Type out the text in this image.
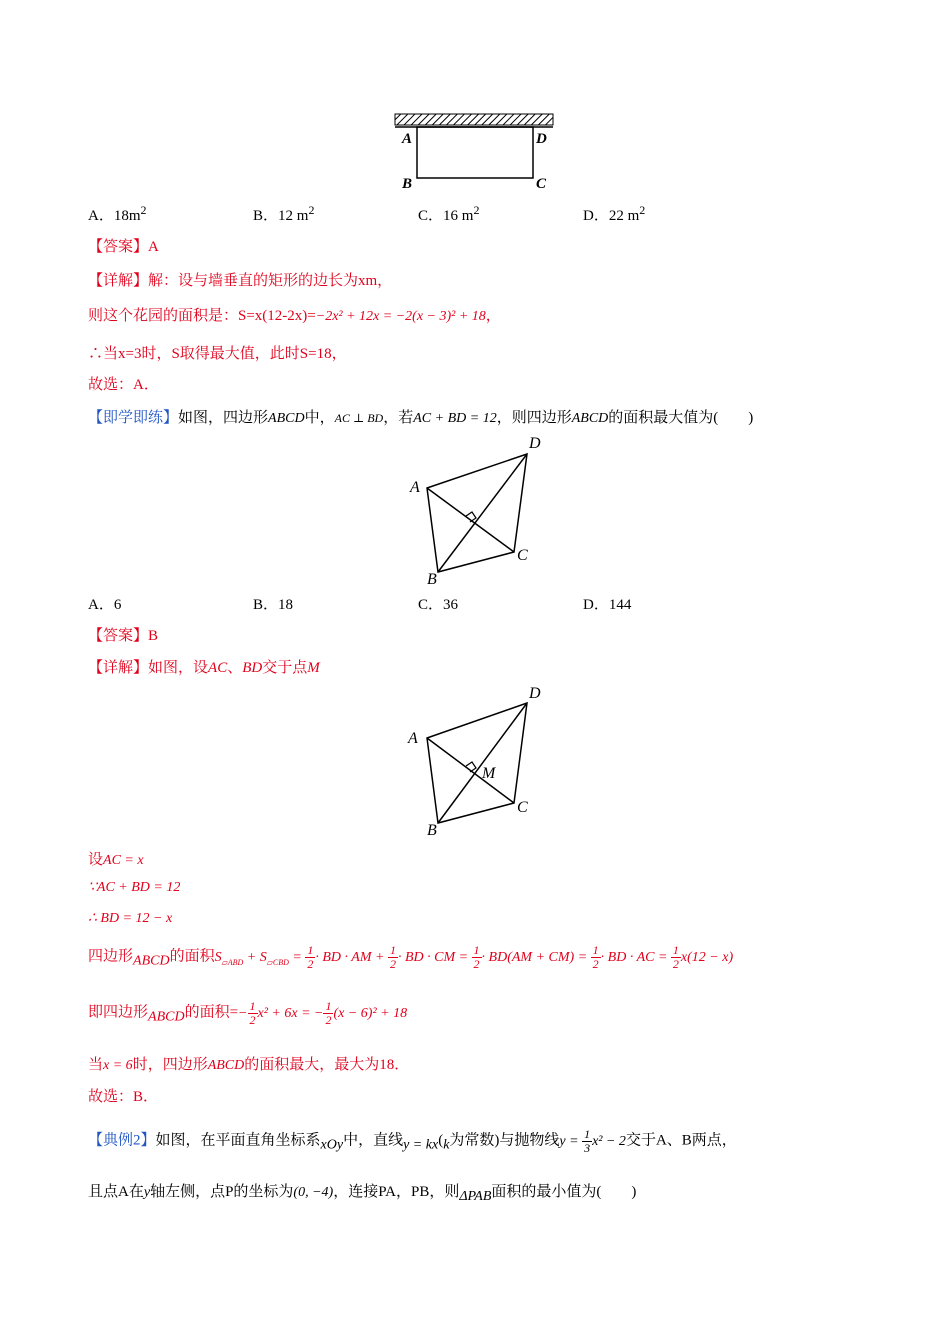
A	D
B	C
A．$18m^2$	B．12 $m^2$	C．16 $m^2$	D．22 $m^2$
【答案】A
【详解】解：设与墙垂直的矩形的边长为xm，
则这个花园的面积是：S=x(12-2x)=−2x² + 12x = −2(x − 3)² + 18，
∴当x=3时，S取得最大值，此时S=18，
故选：A．
【即学即练】如图，四边形ABCD中，AC ⊥ BD，若AC + BD = 12，则四边形ABCD的面积最大值为(　　)
D
A
C
B
A．6	B．18	C．36	D．144
【答案】B
【详解】如图，设AC、BD交于点M
D
A
M
C
B
设AC = x
∵AC + BD = 12
∴ BD = 12 − x
四边形$_{ABCD}$的面积$S_{▱ABD} + S_{▱CBD} = \frac{1}{2}$ · BD · AM + $\frac{1}{2}$ · BD · CM = $\frac{1}{2} \cdot BD(AM + CM) = \frac{1}{2}$ · BD · AC = $\frac{1}{2} x(12 - x)$
即四边形$_{ABCD}$的面积=− $\frac{1}{2} x^2 + 6x$ = − $\frac{1}{2} (x - 6)^2 + 18$
当x = 6时，四边形ABCD的面积最大，最大为18．
故选：B．
【典例2】如图，在平面直角坐标系$_{xOy}$中，直线$_{y = kx}(_k$为常数)与抛物线$y = \frac{1}{3} x^2 - 2$交于A、B两点，
且点A在y轴左侧，点P的坐标为(0, −4)，连接PA，PB，则$_{\Delta PAB}$面积的最小值为(　　)
